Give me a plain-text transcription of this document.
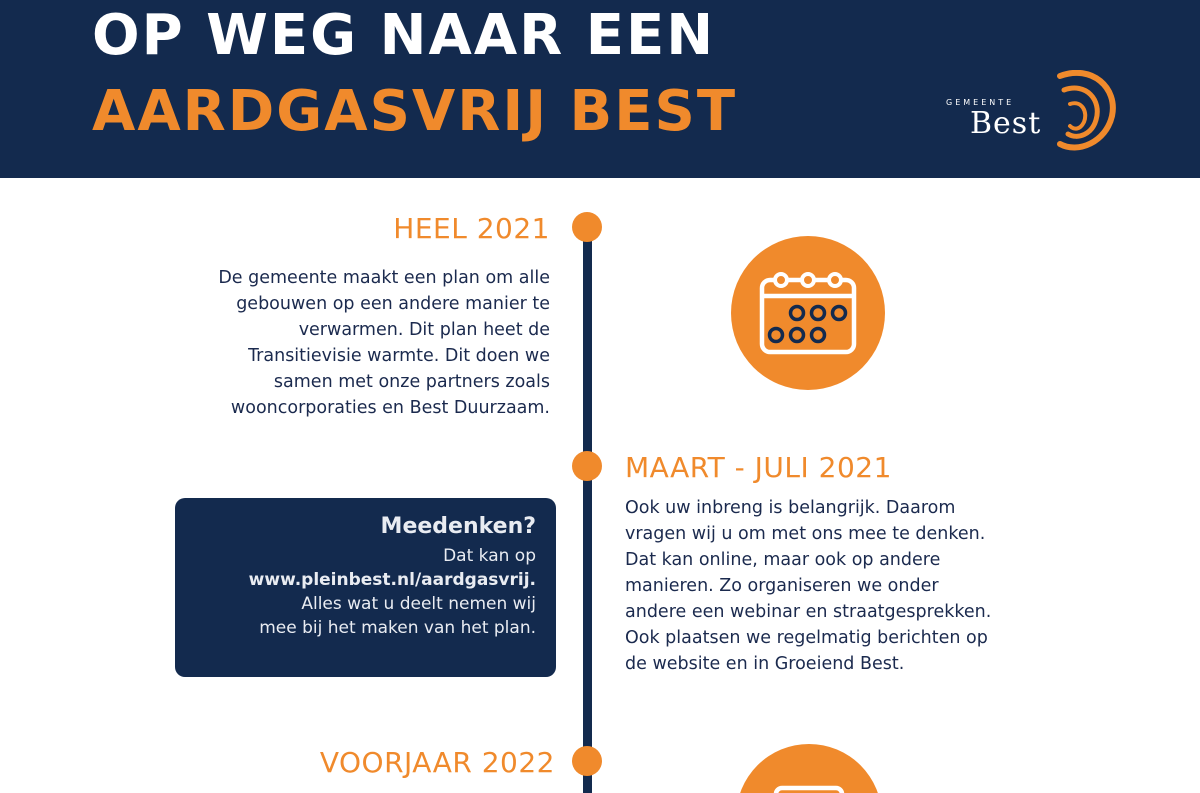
OP WEG NAAR EEN
AARDGASVRIJ BEST	GEMEENTE
Best
HEEL 2021
De gemeente maakt een plan om alle
gebouwen op een andere manier te
verwarmen. Dit plan heet de
Transitievisie warmte. Dit doen we
samen met onze partners zoals
wooncorporaties en Best Duurzaam.
MAART - JULI 2021
Ook uw inbreng is belangrijk. Daarom
vragen wij u om met ons mee te denken.
Dat kan online, maar ook op andere
manieren. Zo organiseren we onder
andere een webinar en straatgesprekken.
Ook plaatsen we regelmatig berichten op
de website en in Groeiend Best.
Meedenken?
Dat kan op
www.pleinbest.nl/aardgasvrij.
Alles wat u deelt nemen wij
mee bij het maken van het plan.
VOORJAAR 2022
